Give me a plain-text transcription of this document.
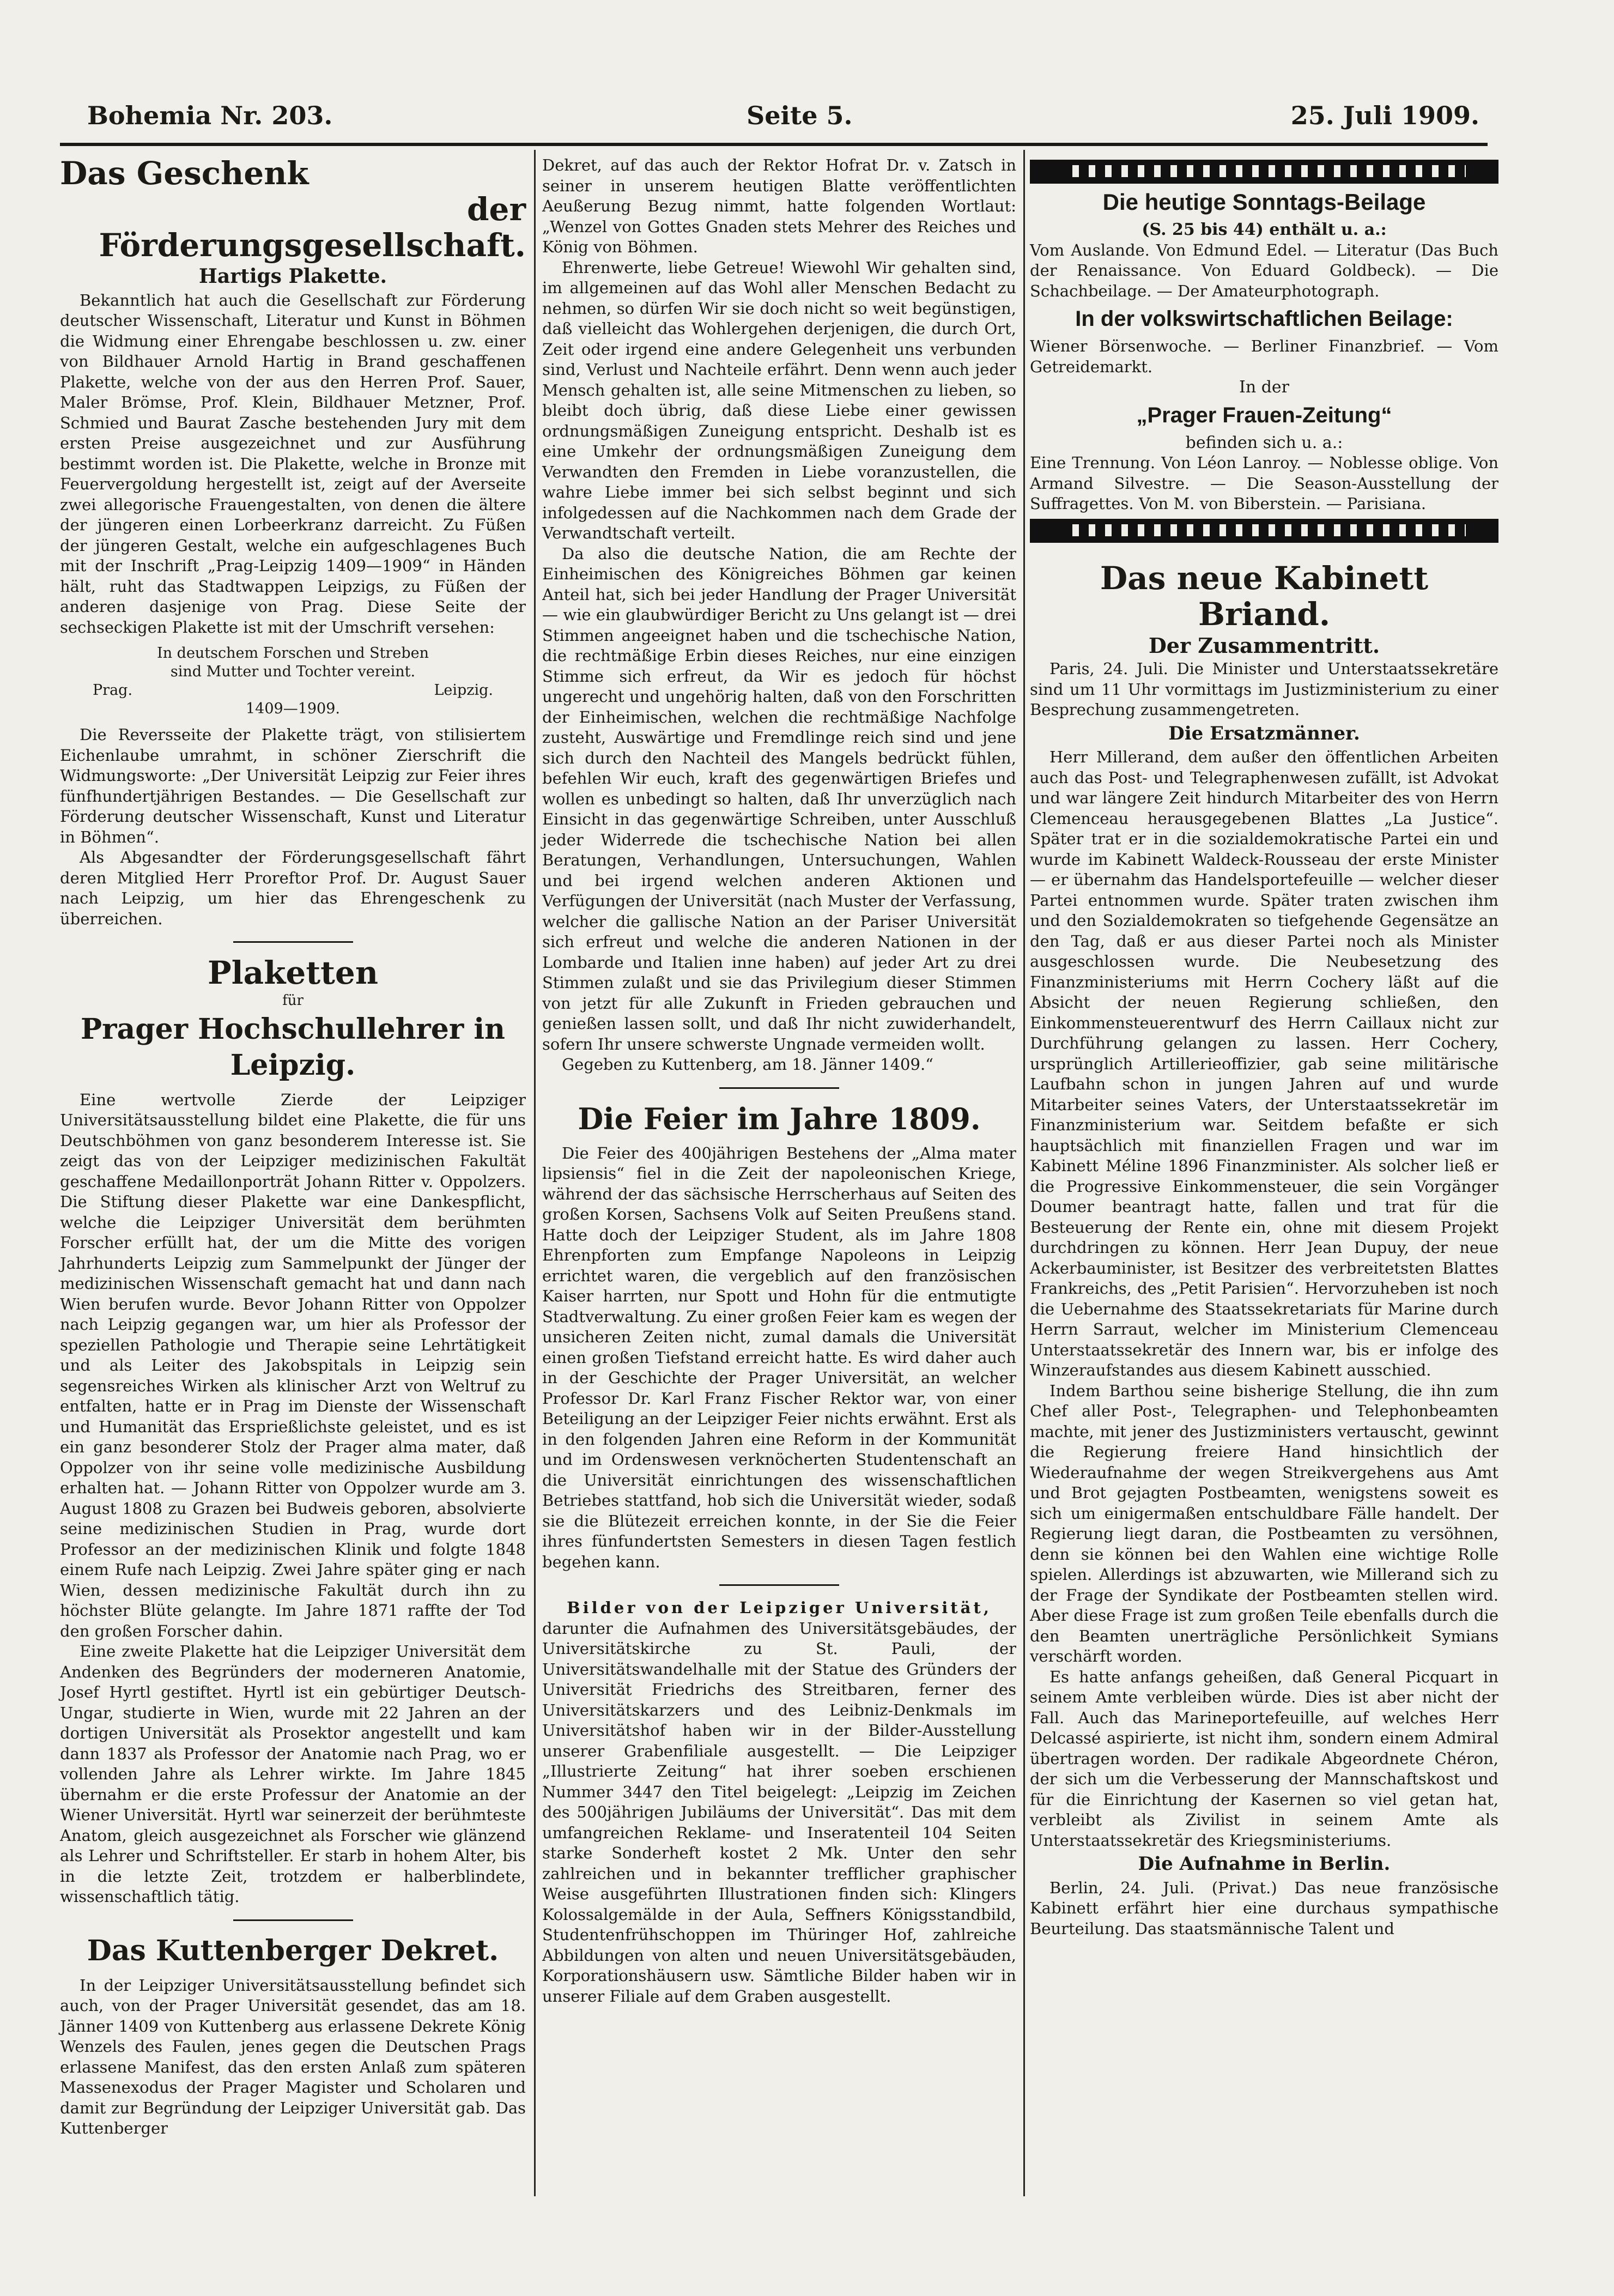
Bohemia Nr. 203.	Seite 5.	25. Juli 1909.

Das Geschenk

der Förderungsgesellschaft.

Hartigs Plakette.

Bekanntlich hat auch die Gesellschaft zur Förderung deutscher Wissenschaft, Literatur und Kunst in Böhmen die Widmung einer Ehrengabe beschlossen u. zw. einer von Bildhauer Arnold Hartig in Brand geschaffenen Plakette, welche von der aus den Herren Prof. Sauer, Maler Brömse, Prof. Klein, Bildhauer Metzner, Prof. Schmied und Baurat Zasche bestehenden Jury mit dem ersten Preise ausgezeichnet und zur Ausführung bestimmt worden ist. Die Plakette, welche in Bronze mit Feuervergoldung hergestellt ist, zeigt auf der Averseite zwei allegorische Frauengestalten, von denen die ältere der jüngeren einen Lorbeerkranz darreicht. Zu Füßen der jüngeren Gestalt, welche ein aufgeschlagenes Buch mit der Inschrift „Prag-Leipzig 1409—1909“ in Händen hält, ruht das Stadtwappen Leipzigs, zu Füßen der anderen dasjenige von Prag. Diese Seite der sechseckigen Plakette ist mit der Umschrift versehen:

In deutschem Forschen und Streben
sind Mutter und Tochter vereint.
Prag.	Leipzig.
1409—1909.

Die Reversseite der Plakette trägt, von stilisiertem Eichenlaube umrahmt, in schöner Zierschrift die Widmungsworte: „Der Universität Leipzig zur Feier ihres fünfhundertjährigen Bestandes. — Die Gesellschaft zur Förderung deutscher Wissenschaft, Kunst und Literatur in Böhmen“.

Als Abgesandter der Förderungsgesellschaft fährt deren Mitglied Herr Proreftor Prof. Dr. August Sauer nach Leipzig, um hier das Ehrengeschenk zu überreichen.

Plaketten

für

Prager Hochschullehrer in Leipzig.

Eine wertvolle Zierde der Leipziger Universitätsausstellung bildet eine Plakette, die für uns Deutschböhmen von ganz besonderem Interesse ist. Sie zeigt das von der Leipziger medizinischen Fakultät geschaffene Medaillonporträt Johann Ritter v. Oppolzers. Die Stiftung dieser Plakette war eine Dankespflicht, welche die Leipziger Universität dem berühmten Forscher erfüllt hat, der um die Mitte des vorigen Jahrhunderts Leipzig zum Sammelpunkt der Jünger der medizinischen Wissenschaft gemacht hat und dann nach Wien berufen wurde. Bevor Johann Ritter von Oppolzer nach Leipzig gegangen war, um hier als Professor der speziellen Pathologie und Therapie seine Lehrtätigkeit und als Leiter des Jakobspitals in Leipzig sein segensreiches Wirken als klinischer Arzt von Weltruf zu entfalten, hatte er in Prag im Dienste der Wissenschaft und Humanität das Ersprießlichste geleistet, und es ist ein ganz besonderer Stolz der Prager alma mater, daß Oppolzer von ihr seine volle medizinische Ausbildung erhalten hat. — Johann Ritter von Oppolzer wurde am 3. August 1808 zu Grazen bei Budweis geboren, absolvierte seine medizinischen Studien in Prag, wurde dort Professor an der medizinischen Klinik und folgte 1848 einem Rufe nach Leipzig. Zwei Jahre später ging er nach Wien, dessen medizinische Fakultät durch ihn zu höchster Blüte gelangte. Im Jahre 1871 raffte der Tod den großen Forscher dahin.

Eine zweite Plakette hat die Leipziger Universität dem Andenken des Begründers der moderneren Anatomie, Josef Hyrtl gestiftet. Hyrtl ist ein gebürtiger Deutsch-Ungar, studierte in Wien, wurde mit 22 Jahren an der dortigen Universität als Prosektor angestellt und kam dann 1837 als Professor der Anatomie nach Prag, wo er vollenden Jahre als Lehrer wirkte. Im Jahre 1845 übernahm er die erste Professur der Anatomie an der Wiener Universität. Hyrtl war seinerzeit der berühmteste Anatom, gleich ausgezeichnet als Forscher wie glänzend als Lehrer und Schriftsteller. Er starb in hohem Alter, bis in die letzte Zeit, trotzdem er halberblindete, wissenschaftlich tätig.

Das Kuttenberger Dekret.

In der Leipziger Universitätsausstellung befindet sich auch, von der Prager Universität gesendet, das am 18. Jänner 1409 von Kuttenberg aus erlassene Dekrete König Wenzels des Faulen, jenes gegen die Deutschen Prags erlassene Manifest, das den ersten Anlaß zum späteren Massenexodus der Prager Magister und Scholaren und damit zur Begründung der Leipziger Universität gab. Das Kuttenberger

Dekret, auf das auch der Rektor Hofrat Dr. v. Zatsch in seiner in unserem heutigen Blatte veröffentlichten Aeußerung Bezug nimmt, hatte folgenden Wortlaut: „Wenzel von Gottes Gnaden stets Mehrer des Reiches und König von Böhmen.

Ehrenwerte, liebe Getreue! Wiewohl Wir gehalten sind, im allgemeinen auf das Wohl aller Menschen Bedacht zu nehmen, so dürfen Wir sie doch nicht so weit begünstigen, daß vielleicht das Wohlergehen derjenigen, die durch Ort, Zeit oder irgend eine andere Gelegenheit uns verbunden sind, Verlust und Nachteile erfährt. Denn wenn auch jeder Mensch gehalten ist, alle seine Mitmenschen zu lieben, so bleibt doch übrig, daß diese Liebe einer gewissen ordnungsmäßigen Zuneigung entspricht. Deshalb ist es eine Umkehr der ordnungsmäßigen Zuneigung dem Verwandten den Fremden in Liebe voranzustellen, die wahre Liebe immer bei sich selbst beginnt und sich infolgedessen auf die Nachkommen nach dem Grade der Verwandtschaft verteilt.

Da also die deutsche Nation, die am Rechte der Einheimischen des Königreiches Böhmen gar keinen Anteil hat, sich bei jeder Handlung der Prager Universität — wie ein glaubwürdiger Bericht zu Uns gelangt ist — drei Stimmen angeeignet haben und die tschechische Nation, die rechtmäßige Erbin dieses Reiches, nur eine einzigen Stimme sich erfreut, da Wir es jedoch für höchst ungerecht und ungehörig halten, daß von den Forschritten der Einheimischen, welchen die rechtmäßige Nachfolge zusteht, Auswärtige und Fremdlinge reich sind und jene sich durch den Nachteil des Mangels bedrückt fühlen, befehlen Wir euch, kraft des gegenwärtigen Briefes und wollen es unbedingt so halten, daß Ihr unverzüglich nach Einsicht in das gegenwärtige Schreiben, unter Ausschluß jeder Widerrede die tschechische Nation bei allen Beratungen, Verhandlungen, Untersuchungen, Wahlen und bei irgend welchen anderen Aktionen und Verfügungen der Universität (nach Muster der Verfassung, welcher die gallische Nation an der Pariser Universität sich erfreut und welche die anderen Nationen in der Lombarde und Italien inne haben) auf jeder Art zu drei Stimmen zulaßt und sie das Privilegium dieser Stimmen von jetzt für alle Zukunft in Frieden gebrauchen und genießen lassen sollt, und daß Ihr nicht zuwiderhandelt, sofern Ihr unsere schwerste Ungnade vermeiden wollt.

Gegeben zu Kuttenberg, am 18. Jänner 1409.“

Die Feier im Jahre 1809.

Die Feier des 400jährigen Bestehens der „Alma mater lipsiensis“ fiel in die Zeit der napoleonischen Kriege, während der das sächsische Herrscherhaus auf Seiten des großen Korsen, Sachsens Volk auf Seiten Preußens stand. Hatte doch der Leipziger Student, als im Jahre 1808 Ehrenpforten zum Empfange Napoleons in Leipzig errichtet waren, die vergeblich auf den französischen Kaiser harrten, nur Spott und Hohn für die entmutigte Stadtverwaltung. Zu einer großen Feier kam es wegen der unsicheren Zeiten nicht, zumal damals die Universität einen großen Tiefstand erreicht hatte. Es wird daher auch in der Geschichte der Prager Universität, an welcher Professor Dr. Karl Franz Fischer Rektor war, von einer Beteiligung an der Leipziger Feier nichts erwähnt. Erst als in den folgenden Jahren eine Reform in der Kommunität und im Ordenswesen verknöcherten Studentenschaft an die Universität einrichtungen des wissenschaftlichen Betriebes stattfand, hob sich die Universität wieder, sodaß sie die Blütezeit erreichen konnte, in der Sie die Feier ihres fünfundertsten Semesters in diesen Tagen festlich begehen kann.

Bilder von der Leipziger Universität,

darunter die Aufnahmen des Universitätsgebäudes, der Universitätskirche zu St. Pauli, der Universitätswandelhalle mit der Statue des Gründers der Universität Friedrichs des Streitbaren, ferner des Universitätskarzers und des Leibniz-Denkmals im Universitätshof haben wir in der Bilder-Ausstellung unserer Grabenfiliale ausgestellt. — Die Leipziger „Illustrierte Zeitung“ hat ihrer soeben erschienen Nummer 3447 den Titel beigelegt: „Leipzig im Zeichen des 500jährigen Jubiläums der Universität“. Das mit dem umfangreichen Reklame- und Inseratenteil 104 Seiten starke Sonderheft kostet 2 Mk. Unter den sehr zahlreichen und in bekannter trefflicher graphischer Weise ausgeführten Illustrationen finden sich: Klingers Kolossalgemälde in der Aula, Seffners Königsstandbild, Studentenfrühschoppen im Thüringer Hof, zahlreiche Abbildungen von alten und neuen Universitätsgebäuden, Korporationshäusern usw. Sämtliche Bilder haben wir in unserer Filiale auf dem Graben ausgestellt.

Die heutige Sonntags-Beilage

(S. 25 bis 44) enthält u. a.:

Vom Auslande. Von Edmund Edel. — Literatur (Das Buch der Renaissance. Von Eduard Goldbeck). — Die Schachbeilage. — Der Amateurphotograph.

In der volkswirtschaftlichen Beilage:

Wiener Börsenwoche. — Berliner Finanzbrief. — Vom Getreidemarkt.

In der

„Prager Frauen-Zeitung“

befinden sich u. a.:

Eine Trennung. Von Léon Lanroy. — Noblesse oblige. Von Armand Silvestre. — Die Season-Ausstellung der Suffragettes. Von M. von Biberstein. — Parisiana.

Das neue Kabinett Briand.

Der Zusammentritt.

Paris, 24. Juli. Die Minister und Unterstaatssekretäre sind um 11 Uhr vormittags im Justizministerium zu einer Besprechung zusammengetreten.

Die Ersatzmänner.

Herr Millerand, dem außer den öffentlichen Arbeiten auch das Post- und Telegraphenwesen zufällt, ist Advokat und war längere Zeit hindurch Mitarbeiter des von Herrn Clemenceau herausgegebenen Blattes „La Justice“. Später trat er in die sozialdemokratische Partei ein und wurde im Kabinett Waldeck-Rousseau der erste Minister — er übernahm das Handelsportefeuille — welcher dieser Partei entnommen wurde. Später traten zwischen ihm und den Sozialdemokraten so tiefgehende Gegensätze an den Tag, daß er aus dieser Partei noch als Minister ausgeschlossen wurde. Die Neubesetzung des Finanzministeriums mit Herrn Cochery läßt auf die Absicht der neuen Regierung schließen, den Einkommensteuerentwurf des Herrn Caillaux nicht zur Durchführung gelangen zu lassen. Herr Cochery, ursprünglich Artillerieoffizier, gab seine militärische Laufbahn schon in jungen Jahren auf und wurde Mitarbeiter seines Vaters, der Unterstaatssekretär im Finanzministerium war. Seitdem befaßte er sich hauptsächlich mit finanziellen Fragen und war im Kabinett Méline 1896 Finanzminister. Als solcher ließ er die Progressive Einkommensteuer, die sein Vorgänger Doumer beantragt hatte, fallen und trat für die Besteuerung der Rente ein, ohne mit diesem Projekt durchdringen zu können. Herr Jean Dupuy, der neue Ackerbauminister, ist Besitzer des verbreitetsten Blattes Frankreichs, des „Petit Parisien“. Hervorzuheben ist noch die Uebernahme des Staatssekretariats für Marine durch Herrn Sarraut, welcher im Ministerium Clemenceau Unterstaatssekretär des Innern war, bis er infolge des Winzeraufstandes aus diesem Kabinett ausschied.

Indem Barthou seine bisherige Stellung, die ihn zum Chef aller Post-, Telegraphen- und Telephonbeamten machte, mit jener des Justizministers vertauscht, gewinnt die Regierung freiere Hand hinsichtlich der Wiederaufnahme der wegen Streikvergehens aus Amt und Brot gejagten Postbeamten, wenigstens soweit es sich um einigermaßen entschuldbare Fälle handelt. Der Regierung liegt daran, die Postbeamten zu versöhnen, denn sie können bei den Wahlen eine wichtige Rolle spielen. Allerdings ist abzuwarten, wie Millerand sich zu der Frage der Syndikate der Postbeamten stellen wird. Aber diese Frage ist zum großen Teile ebenfalls durch die den Beamten unerträgliche Persönlichkeit Symians verschärft worden.

Es hatte anfangs geheißen, daß General Picquart in seinem Amte verbleiben würde. Dies ist aber nicht der Fall. Auch das Marineportefeuille, auf welches Herr Delcassé aspirierte, ist nicht ihm, sondern einem Admiral übertragen worden. Der radikale Abgeordnete Chéron, der sich um die Verbesserung der Mannschaftskost und für die Einrichtung der Kasernen so viel getan hat, verbleibt als Zivilist in seinem Amte als Unterstaatssekretär des Kriegsministeriums.

Die Aufnahme in Berlin.

Berlin, 24. Juli. (Privat.) Das neue französische Kabinett erfährt hier eine durchaus sympathische Beurteilung. Das staatsmännische Talent und
